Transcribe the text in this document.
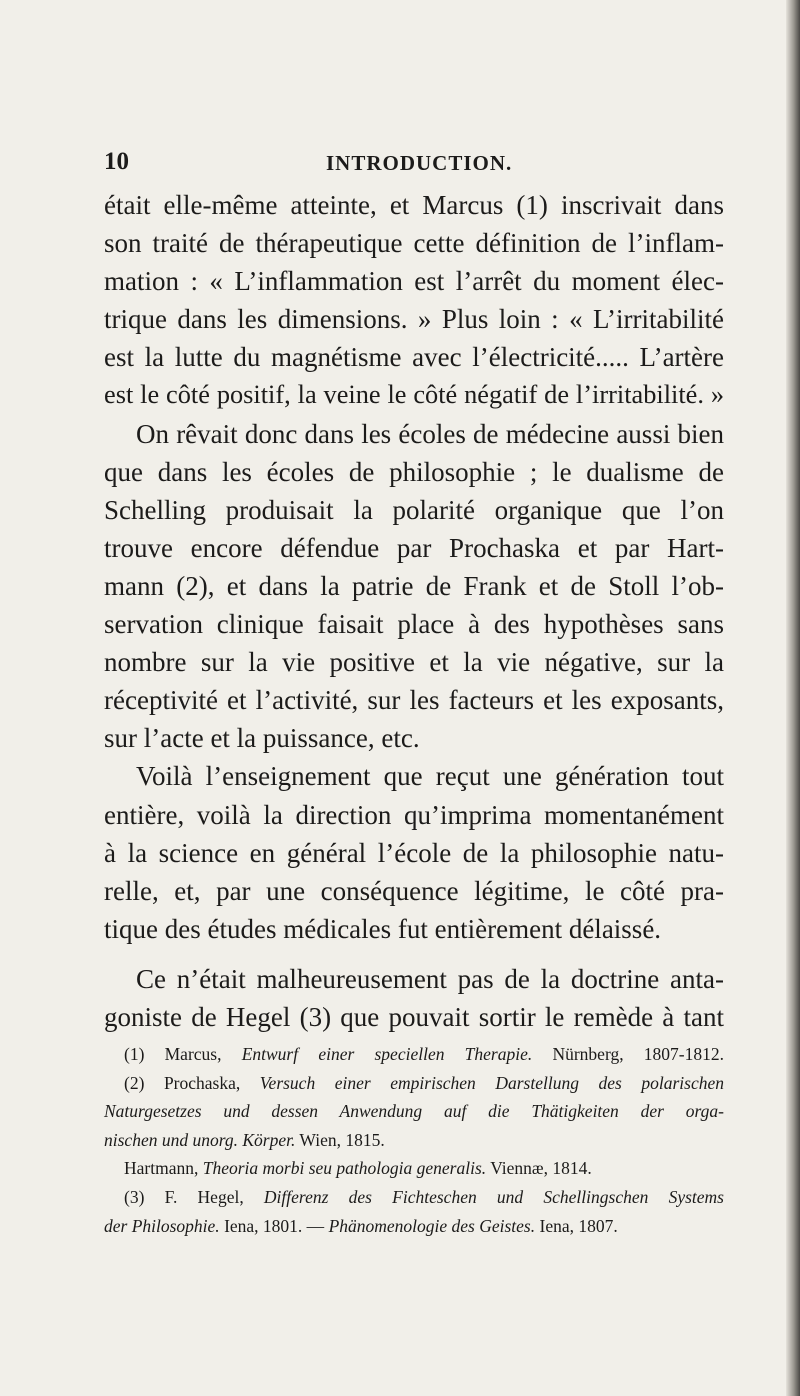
10	INTRODUCTION.
était elle-même atteinte, et Marcus (1) inscrivait dans
son traité de thérapeutique cette définition de l’inflam-
mation : « L’inflammation est l’arrêt du moment élec-
trique dans les dimensions. » Plus loin : « L’irritabilité
est la lutte du magnétisme avec l’électricité..... L’artère
est le côté positif, la veine le côté négatif de l’irritabilité. »
On rêvait donc dans les écoles de médecine aussi bien
que dans les écoles de philosophie ; le dualisme de
Schelling produisait la polarité organique que l’on
trouve encore défendue par Prochaska et par Hart-
mann (2), et dans la patrie de Frank et de Stoll l’ob-
servation clinique faisait place à des hypothèses sans
nombre sur la vie positive et la vie négative, sur la
réceptivité et l’activité, sur les facteurs et les exposants,
sur l’acte et la puissance, etc.
Voilà l’enseignement que reçut une génération tout
entière, voilà la direction qu’imprima momentanément
à la science en général l’école de la philosophie natu-
relle, et, par une conséquence légitime, le côté pra-
tique des études médicales fut entièrement délaissé.
Ce n’était malheureusement pas de la doctrine anta-
goniste de Hegel (3) que pouvait sortir le remède à tant
(1) Marcus, Entwurf einer speciellen Therapie. Nürnberg, 1807-1812.
(2) Prochaska, Versuch einer empirischen Darstellung des polarischen
Naturgesetzes und dessen Anwendung auf die Thätigkeiten der orga-
nischen und unorg. Körper. Wien, 1815.
Hartmann, Theoria morbi seu pathologia generalis. Viennæ, 1814.
(3) F. Hegel, Differenz des Fichteschen und Schellingschen Systems
der Philosophie. Iena, 1801. — Phänomenologie des Geistes. Iena, 1807.
